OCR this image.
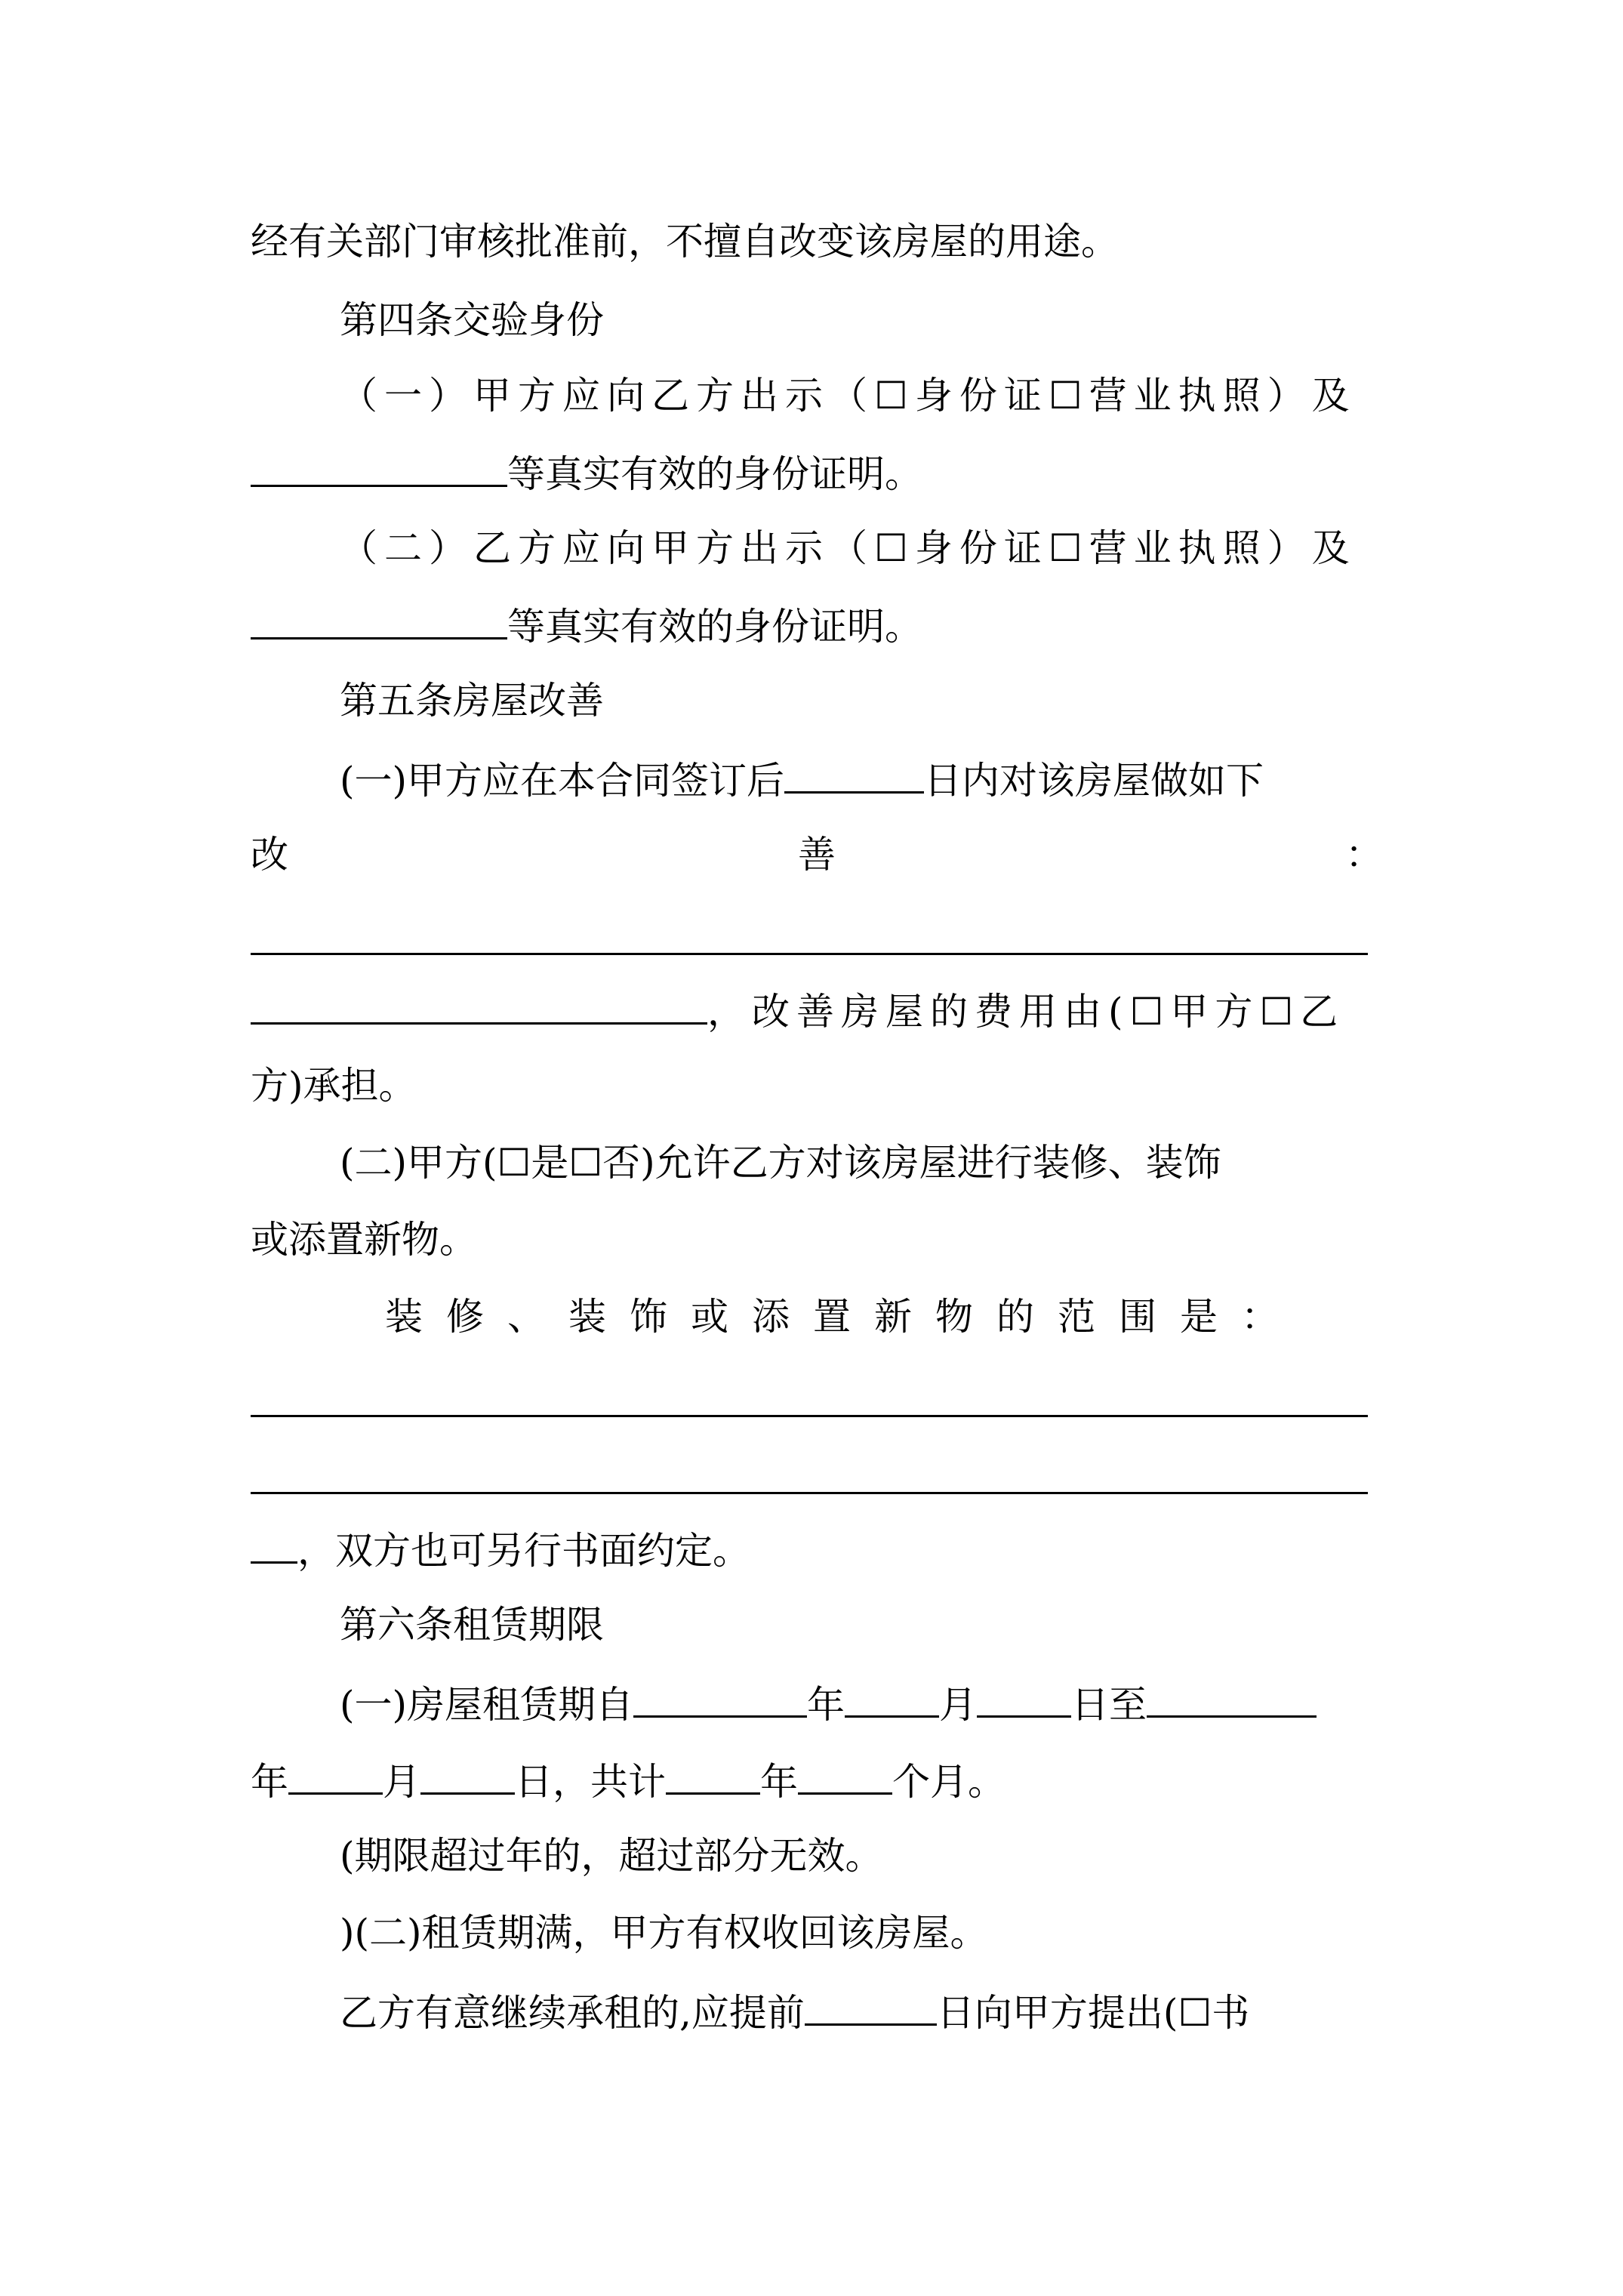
经有关部门审核批准前，不擅自改变该房屋的用途。
第四条交验身份
（一）甲方应向乙方出示（☐身份证☐营业执照）及
等真实有效的身份证明。
（二）乙方应向甲方出示（☐身份证☐营业执照）及
等真实有效的身份证明。
第五条房屋改善
(一)甲方应在本合同签订后	日内对该房屋做如下
改	善	：
，改善房屋的费用由(☐甲方☐乙
方)承担。
(二)甲方(☐是☐否)允许乙方对该房屋进行装修、装饰
或添置新物。
装修、装饰或添置新物的范围是：
，双方也可另行书面约定。
第六条租赁期限
(一)房屋租赁期自	年	月	日至
年	月	日，共计	年	个月。
(期限超过年的，超过部分无效。
)(二)租赁期满，甲方有权收回该房屋。
乙方有意继续承租的,应提前	日向甲方提出(☐书
